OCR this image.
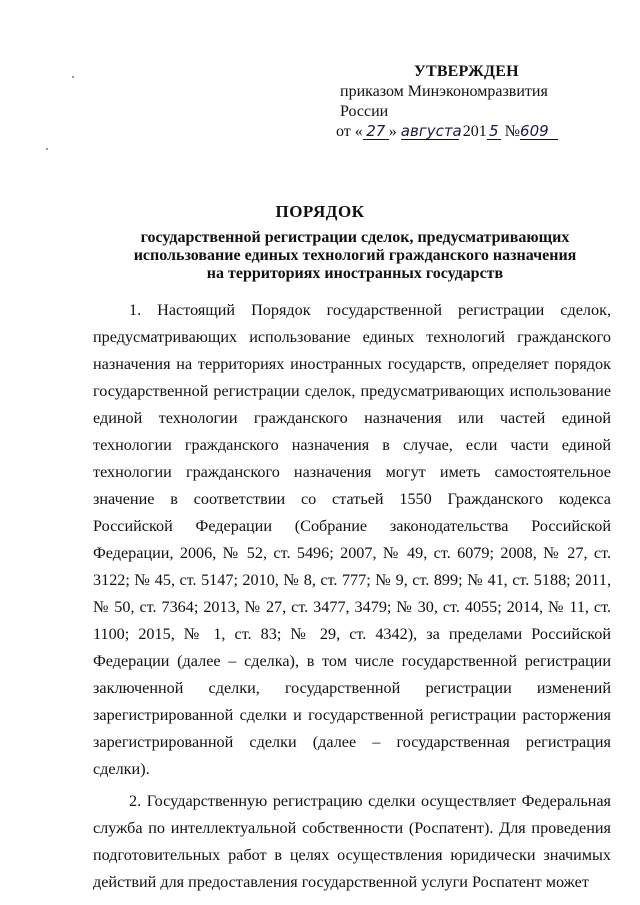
УТВЕРЖДЕН
приказом Минэкономразвития России
от « 27 » августа 201 5 №609
ПОРЯДОК
государственной регистрации сделок, предусматривающих
использование единых технологий гражданского назначения
на территориях иностранных государств

1. Настоящий Порядок государственной регистрации сделок, предусматривающих использование единых технологий гражданского назначения на территориях иностранных государств, определяет порядок государственной регистрации сделок, предусматривающих использование единой технологии гражданского назначения или частей единой технологии гражданского назначения в случае, если части единой технологии гражданского назначения могут иметь самостоятельное значение в соответствии со статьей 1550 Гражданского кодекса Российской Федерации (Собрание законодательства Российской Федерации, 2006, № 52, ст. 5496; 2007, № 49, ст. 6079; 2008, № 27, ст. 3122; № 45, ст. 5147; 2010, № 8, ст. 777; № 9, ст. 899; № 41, ст. 5188; 2011, № 50, ст. 7364; 2013, № 27, ст. 3477, 3479; № 30, ст. 4055; 2014, № 11, ст. 1100; 2015, № 1, ст. 83; № 29, ст. 4342), за пределами Российской Федерации (далее – сделка), в том числе государственной регистрации заключенной сделки, государственной регистрации изменений зарегистрированной сделки и государственной регистрации расторжения зарегистрированной сделки (далее – государственная регистрация сделки).

2. Государственную регистрацию сделки осуществляет Федеральная служба по интеллектуальной собственности (Роспатент). Для проведения подготовительных работ в целях осуществления юридически значимых действий для предоставления государственной услуги Роспатент может
